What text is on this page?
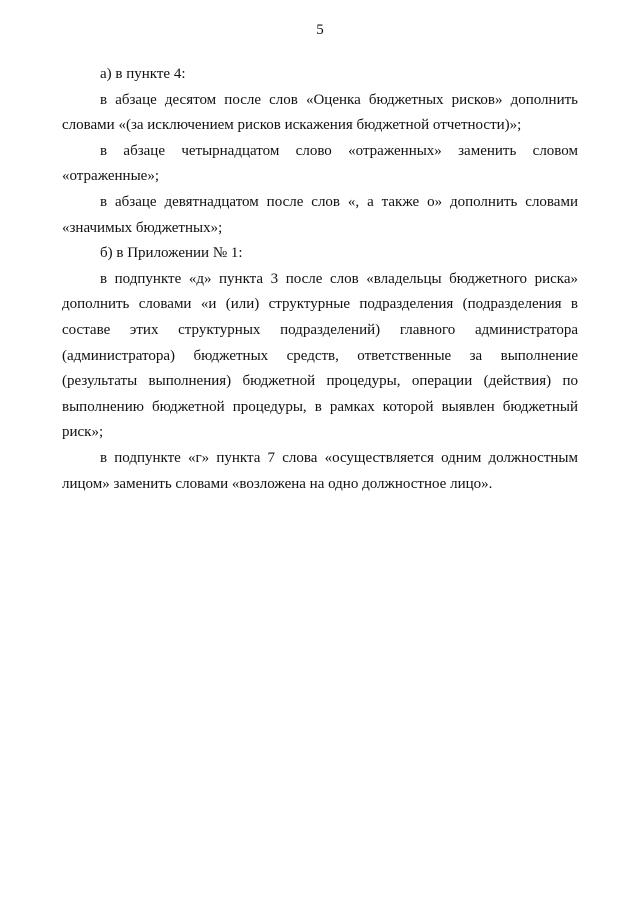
5

а) в пункте 4:

в абзаце десятом после слов «Оценка бюджетных рисков» дополнить словами «(за исключением рисков искажения бюджетной отчетности)»;

в абзаце четырнадцатом слово «отраженных» заменить словом «отраженные»;

в абзаце девятнадцатом после слов «, а также о» дополнить словами «значимых бюджетных»;

б) в Приложении № 1:

в подпункте «д» пункта 3 после слов «владельцы бюджетного риска» дополнить словами «и (или) структурные подразделения (подразделения в составе этих структурных подразделений) главного администратора (администратора) бюджетных средств, ответственные за выполнение (результаты выполнения) бюджетной процедуры, операции (действия) по выполнению бюджетной процедуры, в рамках которой выявлен бюджетный риск»;

в подпункте «г» пункта 7 слова «осуществляется одним должностным лицом» заменить словами «возложена на одно должностное лицо».
